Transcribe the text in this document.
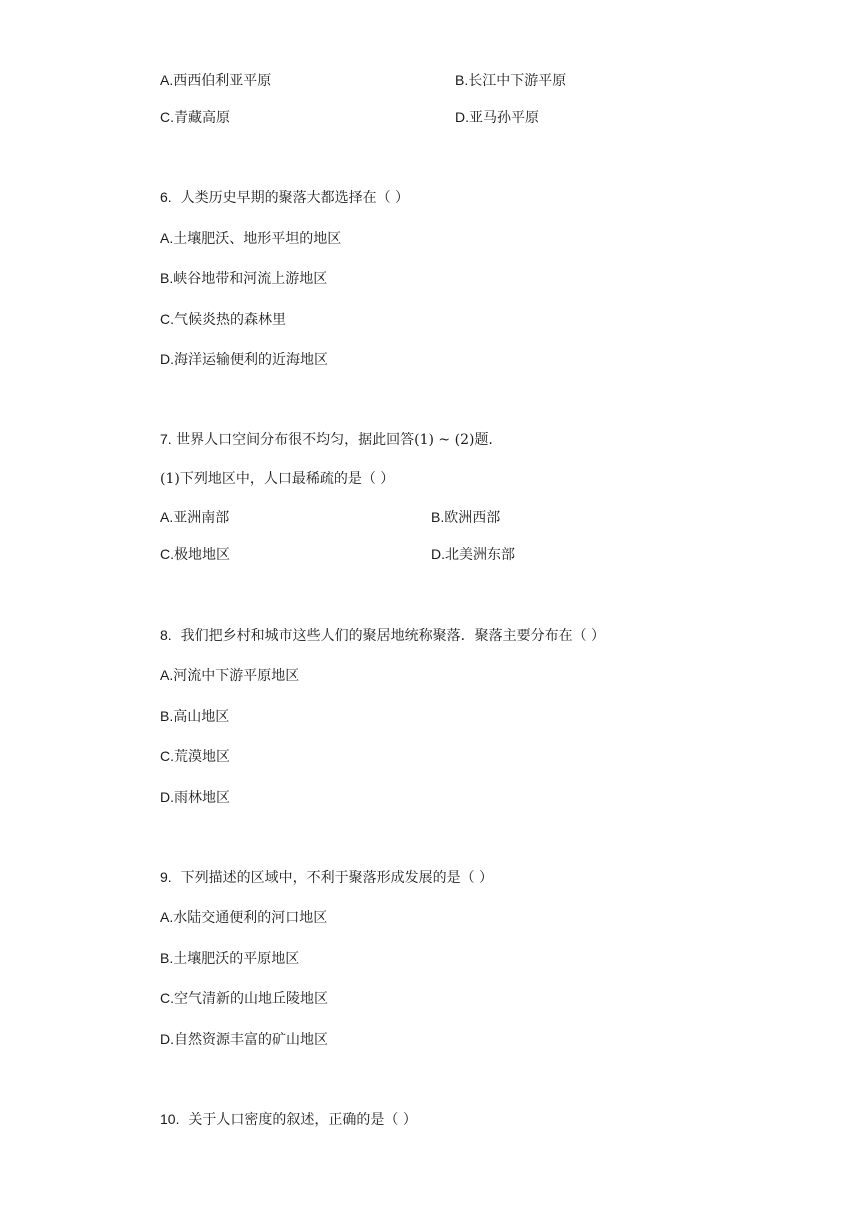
A.西西伯利亚平原	B.长江中下游平原
C.青藏高原	D.亚马孙平原
6. 人类历史早期的聚落大都选择在（ ）
A.土壤肥沃、地形平坦的地区
B.峡谷地带和河流上游地区
C.气候炎热的森林里
D.海洋运输便利的近海地区
7. 世界人口空间分布很不均匀，据此回答(1) ~ (2)题.
(1)下列地区中，人口最稀疏的是（ ）
A.亚洲南部	B.欧洲西部
C.极地地区	D.北美洲东部
8. 我们把乡村和城市这些人们的聚居地统称聚落．聚落主要分布在（ ）
A.河流中下游平原地区
B.高山地区
C.荒漠地区
D.雨林地区
9. 下列描述的区域中，不利于聚落形成发展的是（ ）
A.水陆交通便利的河口地区
B.土壤肥沃的平原地区
C.空气清新的山地丘陵地区
D.自然资源丰富的矿山地区
10. 关于人口密度的叙述，正确的是（ ）
